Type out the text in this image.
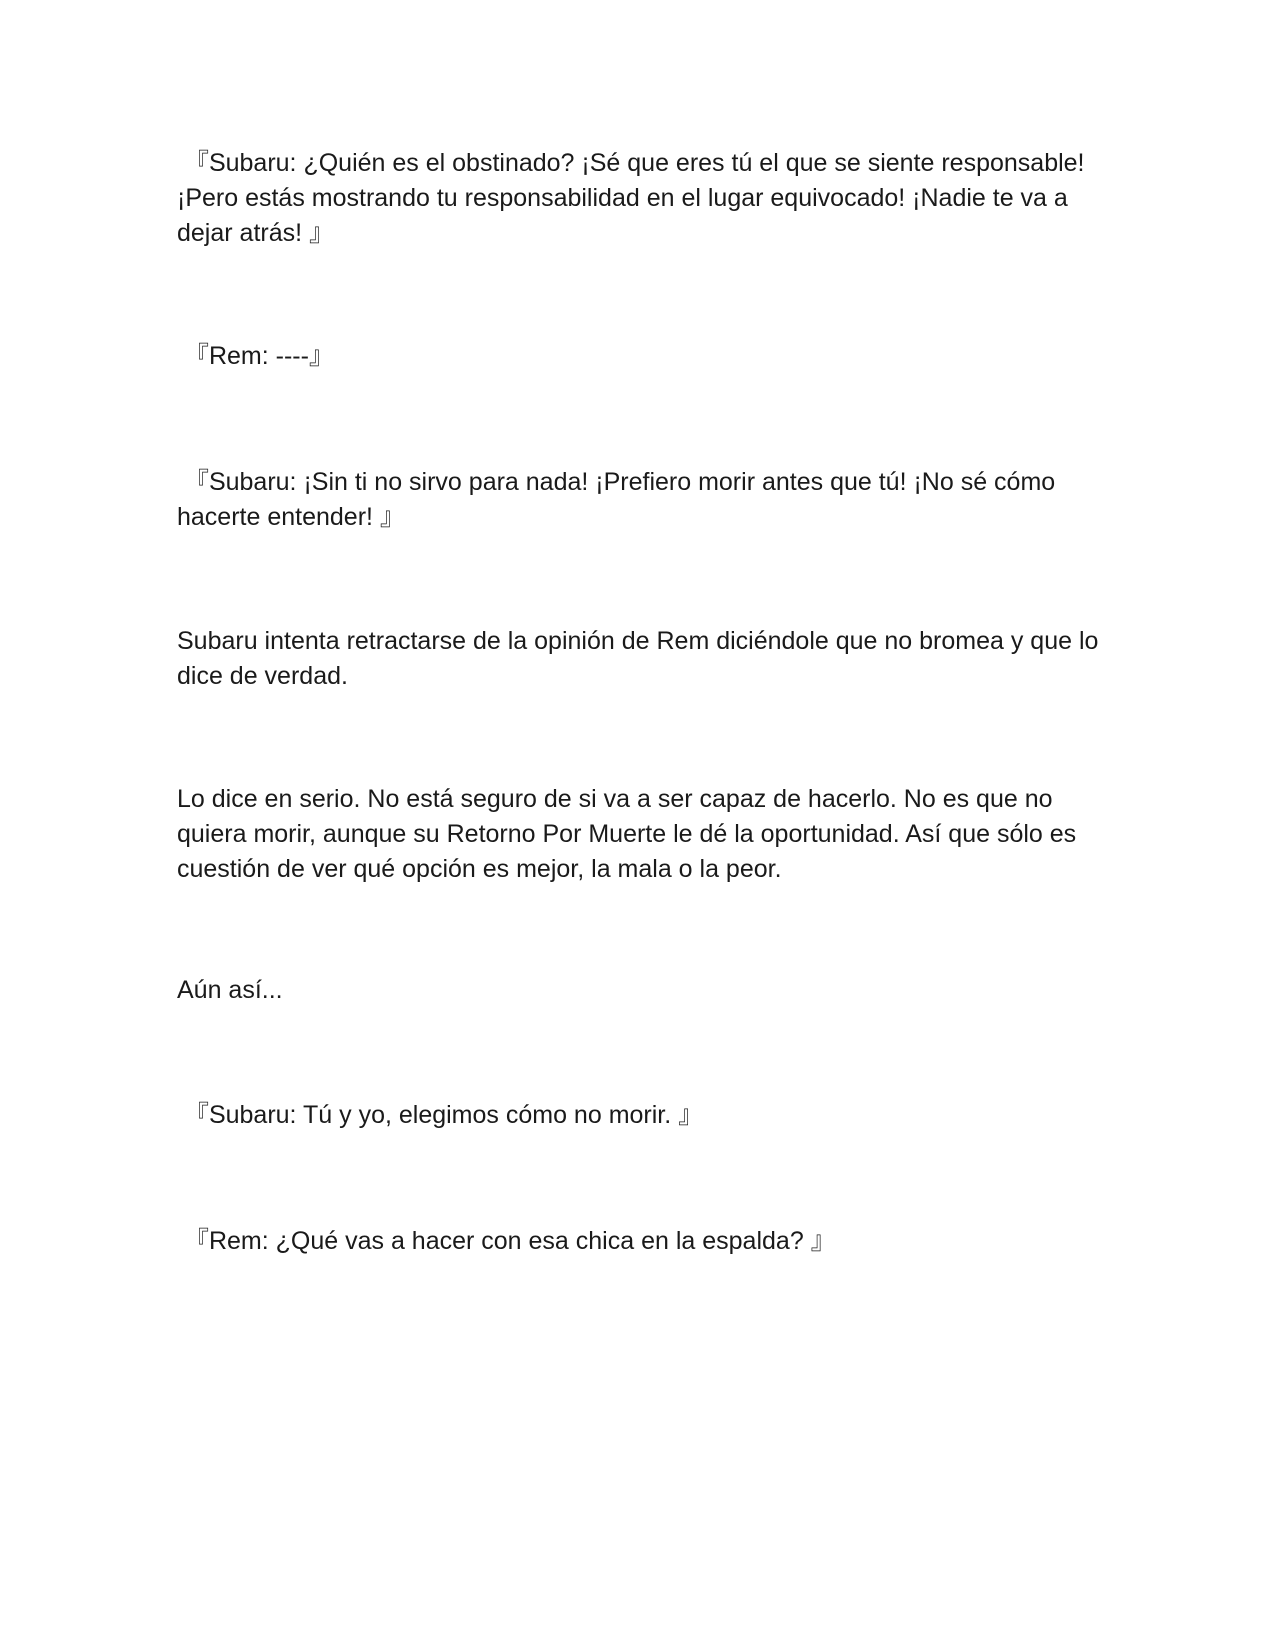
『Subaru: ¿Quién es el obstinado? ¡Sé que eres tú el que se siente responsable! ¡Pero estás mostrando tu responsabilidad en el lugar equivocado! ¡Nadie te va a dejar atrás! 』

『Rem: ----』

『Subaru: ¡Sin ti no sirvo para nada! ¡Prefiero morir antes que tú! ¡No sé cómo hacerte entender! 』

Subaru intenta retractarse de la opinión de Rem diciéndole que no bromea y que lo dice de verdad.

Lo dice en serio. No está seguro de si va a ser capaz de hacerlo. No es que no quiera morir, aunque su Retorno Por Muerte le dé la oportunidad. Así que sólo es cuestión de ver qué opción es mejor, la mala o la peor.

Aún así...

『Subaru: Tú y yo, elegimos cómo no morir. 』

『Rem: ¿Qué vas a hacer con esa chica en la espalda? 』
